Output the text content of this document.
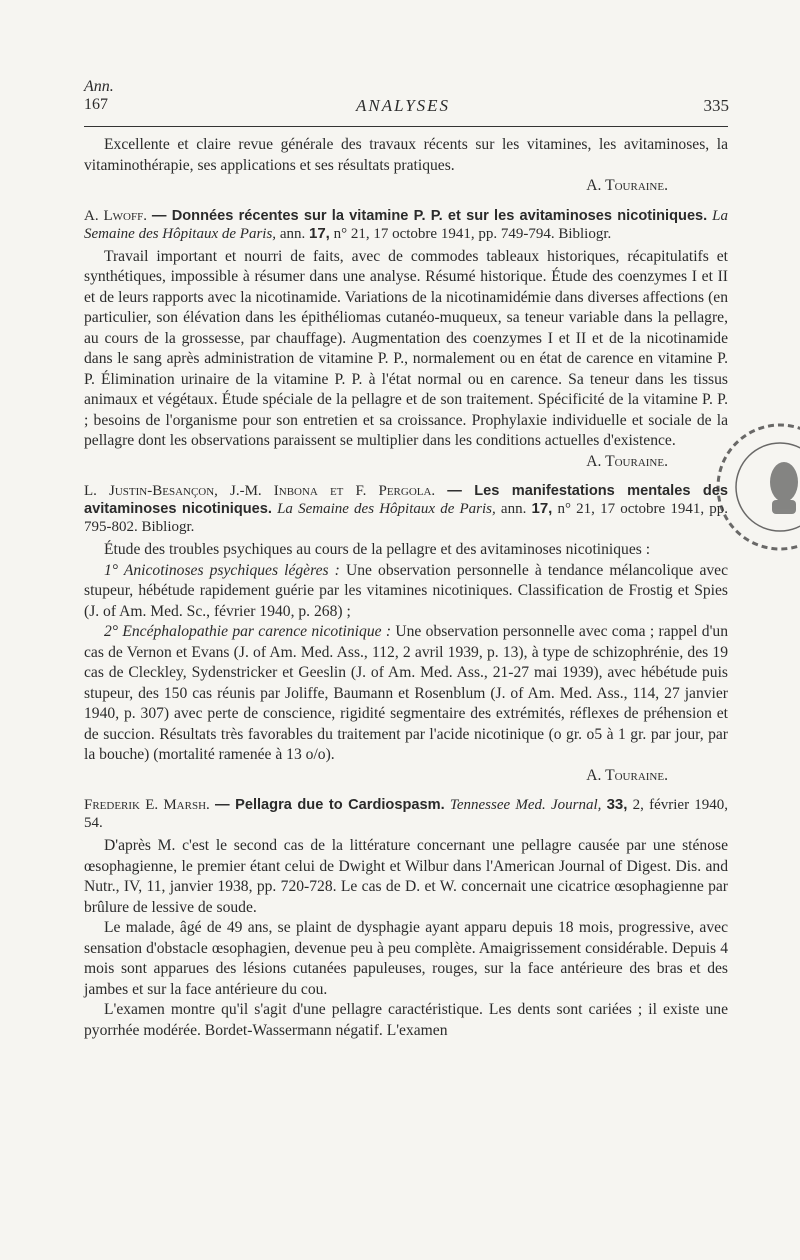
Ann.
167	ANALYSES	335

Excellente et claire revue générale des travaux récents sur les vitamines, les avitaminoses, la vitaminothérapie, ses applications et ses résultats pratiques.

A. Touraine.

A. Lwoff. — Données récentes sur la vitamine P. P. et sur les avitaminoses nicotiniques. La Semaine des Hôpitaux de Paris, ann. 17, n° 21, 17 octobre 1941, pp. 749-794. Bibliogr.

Travail important et nourri de faits, avec de commodes tableaux historiques, récapitulatifs et synthétiques, impossible à résumer dans une analyse. Résumé historique. Étude des coenzymes I et II et de leurs rapports avec la nicotinamide. Variations de la nicotinamidémie dans diverses affections (en particulier, son élévation dans les épithéliomas cutanéo-muqueux, sa teneur variable dans la pellagre, au cours de la grossesse, par chauffage). Augmentation des coenzymes I et II et de la nicotinamide dans le sang après administration de vitamine P. P., normalement ou en état de carence en vitamine P. P. Élimination urinaire de la vitamine P. P. à l'état normal ou en carence. Sa teneur dans les tissus animaux et végétaux. Étude spéciale de la pellagre et de son traitement. Spécificité de la vitamine P. P. ; besoins de l'organisme pour son entretien et sa croissance. Prophylaxie individuelle et sociale de la pellagre dont les observations paraissent se multiplier dans les conditions actuelles d'existence.

A. Touraine.

L. Justin-Besançon, J.-M. Inbona et F. Pergola. — Les manifestations mentales des avitaminoses nicotiniques. La Semaine des Hôpitaux de Paris, ann. 17, n° 21, 17 octobre 1941, pp. 795-802. Bibliogr.

Étude des troubles psychiques au cours de la pellagre et des avitaminoses nicotiniques :

1° Anicotinoses psychiques légères : Une observation personnelle à tendance mélancolique avec stupeur, hébétude rapidement guérie par les vitamines nicotiniques. Classification de Frostig et Spies (J. of Am. Med. Sc., février 1940, p. 268) ;

2° Encéphalopathie par carence nicotinique : Une observation personnelle avec coma ; rappel d'un cas de Vernon et Evans (J. of Am. Med. Ass., 112, 2 avril 1939, p. 13), à type de schizophrénie, des 19 cas de Cleckley, Sydenstricker et Geeslin (J. of Am. Med. Ass., 21-27 mai 1939), avec hébétude puis stupeur, des 150 cas réunis par Joliffe, Baumann et Rosenblum (J. of Am. Med. Ass., 114, 27 janvier 1940, p. 307) avec perte de conscience, rigidité segmentaire des extrémités, réflexes de préhension et de succion. Résultats très favorables du traitement par l'acide nicotinique (o gr. o5 à 1 gr. par jour, par la bouche) (mortalité ramenée à 13 o/o).

A. Touraine.

Frederik E. Marsh. — Pellagra due to Cardiospasm. Tennessee Med. Journal, 33, 2, février 1940, 54.

D'après M. c'est le second cas de la littérature concernant une pellagre causée par une sténose œsophagienne, le premier étant celui de Dwight et Wilbur dans l'American Journal of Digest. Dis. and Nutr., IV, 11, janvier 1938, pp. 720-728. Le cas de D. et W. concernait une cicatrice œsophagienne par brûlure de lessive de soude.

Le malade, âgé de 49 ans, se plaint de dysphagie ayant apparu depuis 18 mois, progressive, avec sensation d'obstacle œsophagien, devenue peu à peu complète. Amaigrissement considérable. Depuis 4 mois sont apparues des lésions cutanées papuleuses, rouges, sur la face antérieure des bras et des jambes et sur la face antérieure du cou.

L'examen montre qu'il s'agit d'une pellagre caractéristique. Les dents sont cariées ; il existe une pyorrhée modérée. Bordet-Wassermann négatif. L'examen
